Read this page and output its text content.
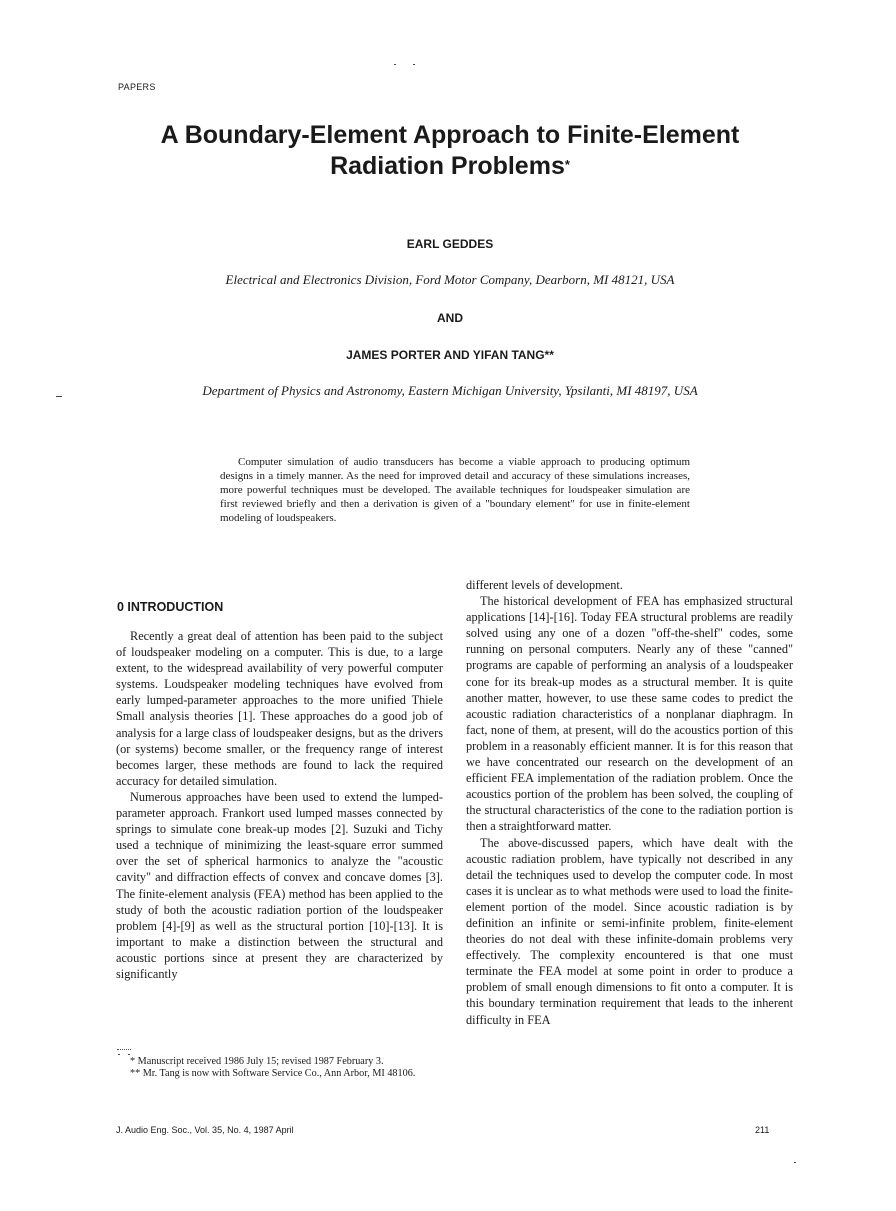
PAPERS
A Boundary-Element Approach to Finite-Element
Radiation Problems*
EARL GEDDES
Electrical and Electronics Division, Ford Motor Company, Dearborn, MI 48121, USA
AND
JAMES PORTER AND YIFAN TANG**
Department of Physics and Astronomy, Eastern Michigan University, Ypsilanti, MI 48197, USA
Computer simulation of audio transducers has become a viable approach to producing optimum designs in a timely manner. As the need for improved detail and accuracy of these simulations increases, more powerful techniques must be developed. The available techniques for loudspeaker simulation are first reviewed briefly and then a derivation is given of a "boundary element" for use in finite-element modeling of loudspeakers.
0 INTRODUCTION

Recently a great deal of attention has been paid to the subject of loudspeaker modeling on a computer. This is due, to a large extent, to the widespread availability of very powerful computer systems. Loudspeaker modeling techniques have evolved from early lumped-parameter approaches to the more unified Thiele Small analysis theories [1]. These approaches do a good job of analysis for a large class of loudspeaker designs, but as the drivers (or systems) become smaller, or the frequency range of interest becomes larger, these methods are found to lack the required accuracy for detailed simulation.

Numerous approaches have been used to extend the lumped-parameter approach. Frankort used lumped masses connected by springs to simulate cone break-up modes [2]. Suzuki and Tichy used a technique of minimizing the least-square error summed over the set of spherical harmonics to analyze the "acoustic cavity" and diffraction effects of convex and concave domes [3]. The finite-element analysis (FEA) method has been applied to the study of both the acoustic radiation portion of the loudspeaker problem [4]-[9] as well as the structural portion [10]-[13]. It is important to make a distinction between the structural and acoustic portions since at present they are characterized by significantly

different levels of development.

The historical development of FEA has emphasized structural applications [14]-[16]. Today FEA structural problems are readily solved using any one of a dozen "off-the-shelf" codes, some running on personal computers. Nearly any of these "canned" programs are capable of performing an analysis of a loudspeaker cone for its break-up modes as a structural member. It is quite another matter, however, to use these same codes to predict the acoustic radiation characteristics of a nonplanar diaphragm. In fact, none of them, at present, will do the acoustics portion of this problem in a reasonably efficient manner. It is for this reason that we have concentrated our research on the development of an efficient FEA implementation of the radiation problem. Once the acoustics portion of the problem has been solved, the coupling of the structural characteristics of the cone to the radiation portion is then a straightforward matter.

The above-discussed papers, which have dealt with the acoustic radiation problem, have typically not described in any detail the techniques used to develop the computer code. In most cases it is unclear as to what methods were used to load the finite-element portion of the model. Since acoustic radiation is by definition an infinite or semi-infinite problem, finite-element theories do not deal with these infinite-domain problems very effectively. The complexity encountered is that one must terminate the FEA model at some point in order to produce a problem of small enough dimensions to fit onto a computer. It is this boundary termination requirement that leads to the inherent difficulty in FEA

* Manuscript received 1986 July 15; revised 1987 February 3.

** Mr. Tang is now with Software Service Co., Ann Arbor, MI 48106.

J. Audio Eng. Soc., Vol. 35, No. 4, 1987 April	211
